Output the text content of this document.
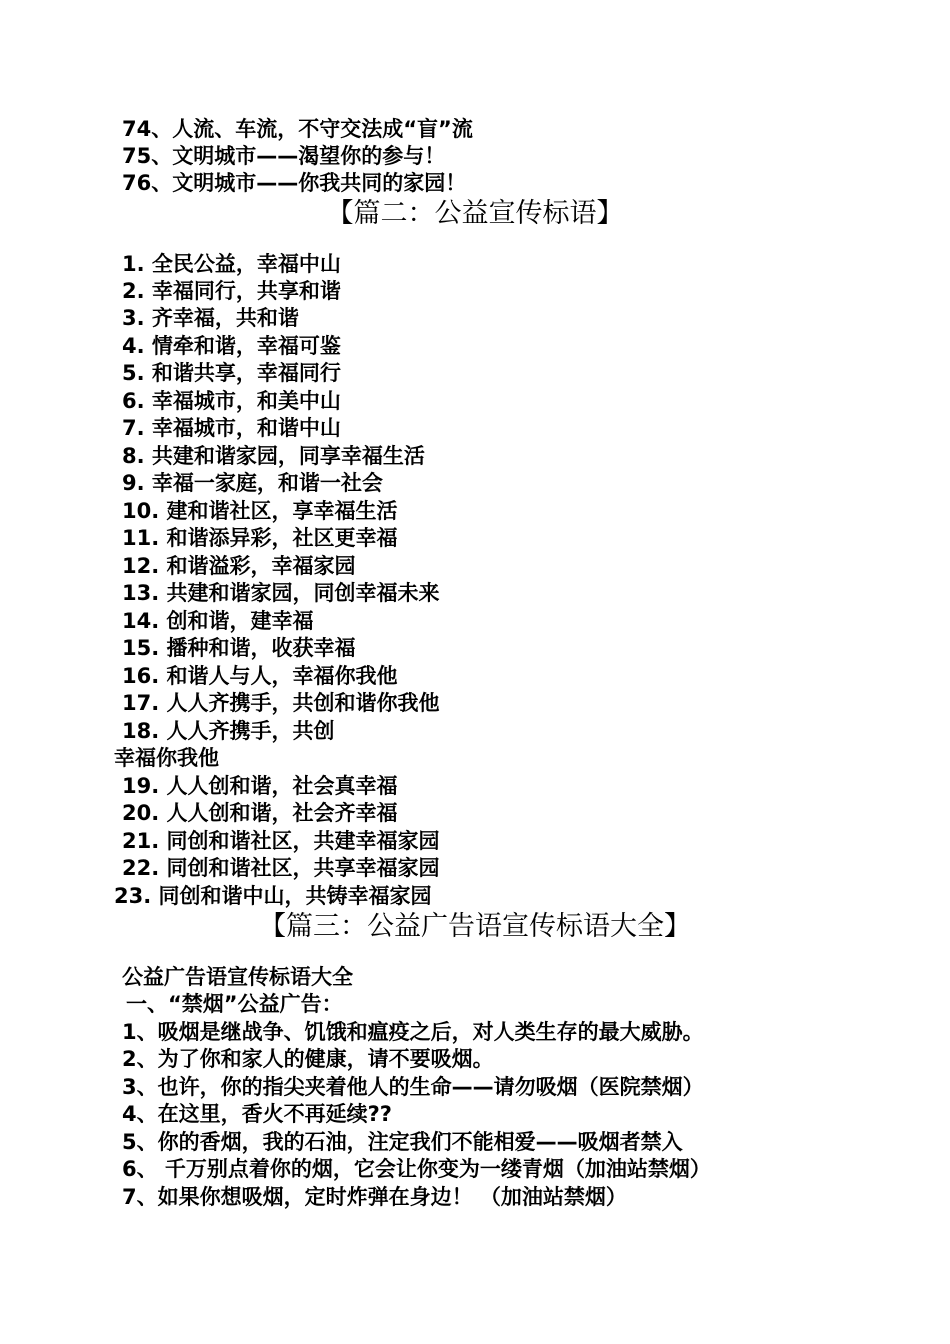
74、人流、车流，不守交法成“盲”流
75、文明城市——渴望你的参与！
76、文明城市——你我共同的家园！
【篇二：公益宣传标语】
1. 全民公益，幸福中山
2. 幸福同行，共享和谐
3. 齐幸福，共和谐
4. 情牵和谐，幸福可鉴
5. 和谐共享，幸福同行
6. 幸福城市，和美中山
7. 幸福城市，和谐中山
8. 共建和谐家园，同享幸福生活
9. 幸福一家庭，和谐一社会
10. 建和谐社区，享幸福生活
11. 和谐添异彩，社区更幸福
12. 和谐溢彩，幸福家园
13. 共建和谐家园，同创幸福未来
14. 创和谐，建幸福
15. 播种和谐，收获幸福
16. 和谐人与人，幸福你我他
17. 人人齐携手，共创和谐你我他
18. 人人齐携手，共创
幸福你我他
19. 人人创和谐，社会真幸福
20. 人人创和谐，社会齐幸福
21. 同创和谐社区，共建幸福家园
22. 同创和谐社区，共享幸福家园
23. 同创和谐中山，共铸幸福家园
【篇三：公益广告语宣传标语大全】
公益广告语宣传标语大全
一、“禁烟”公益广告：
1、吸烟是继战争、饥饿和瘟疫之后，对人类生存的最大威胁。
2、为了你和家人的健康，请不要吸烟。
3、也许，你的指尖夹着他人的生命——请勿吸烟（医院禁烟）
4、在这里，香火不再延续??
5、你的香烟，我的石油，注定我们不能相爱——吸烟者禁入
6、 千万别点着你的烟，它会让你变为一缕青烟（加油站禁烟）
7、如果你想吸烟，定时炸弹在身边！ （加油站禁烟）
